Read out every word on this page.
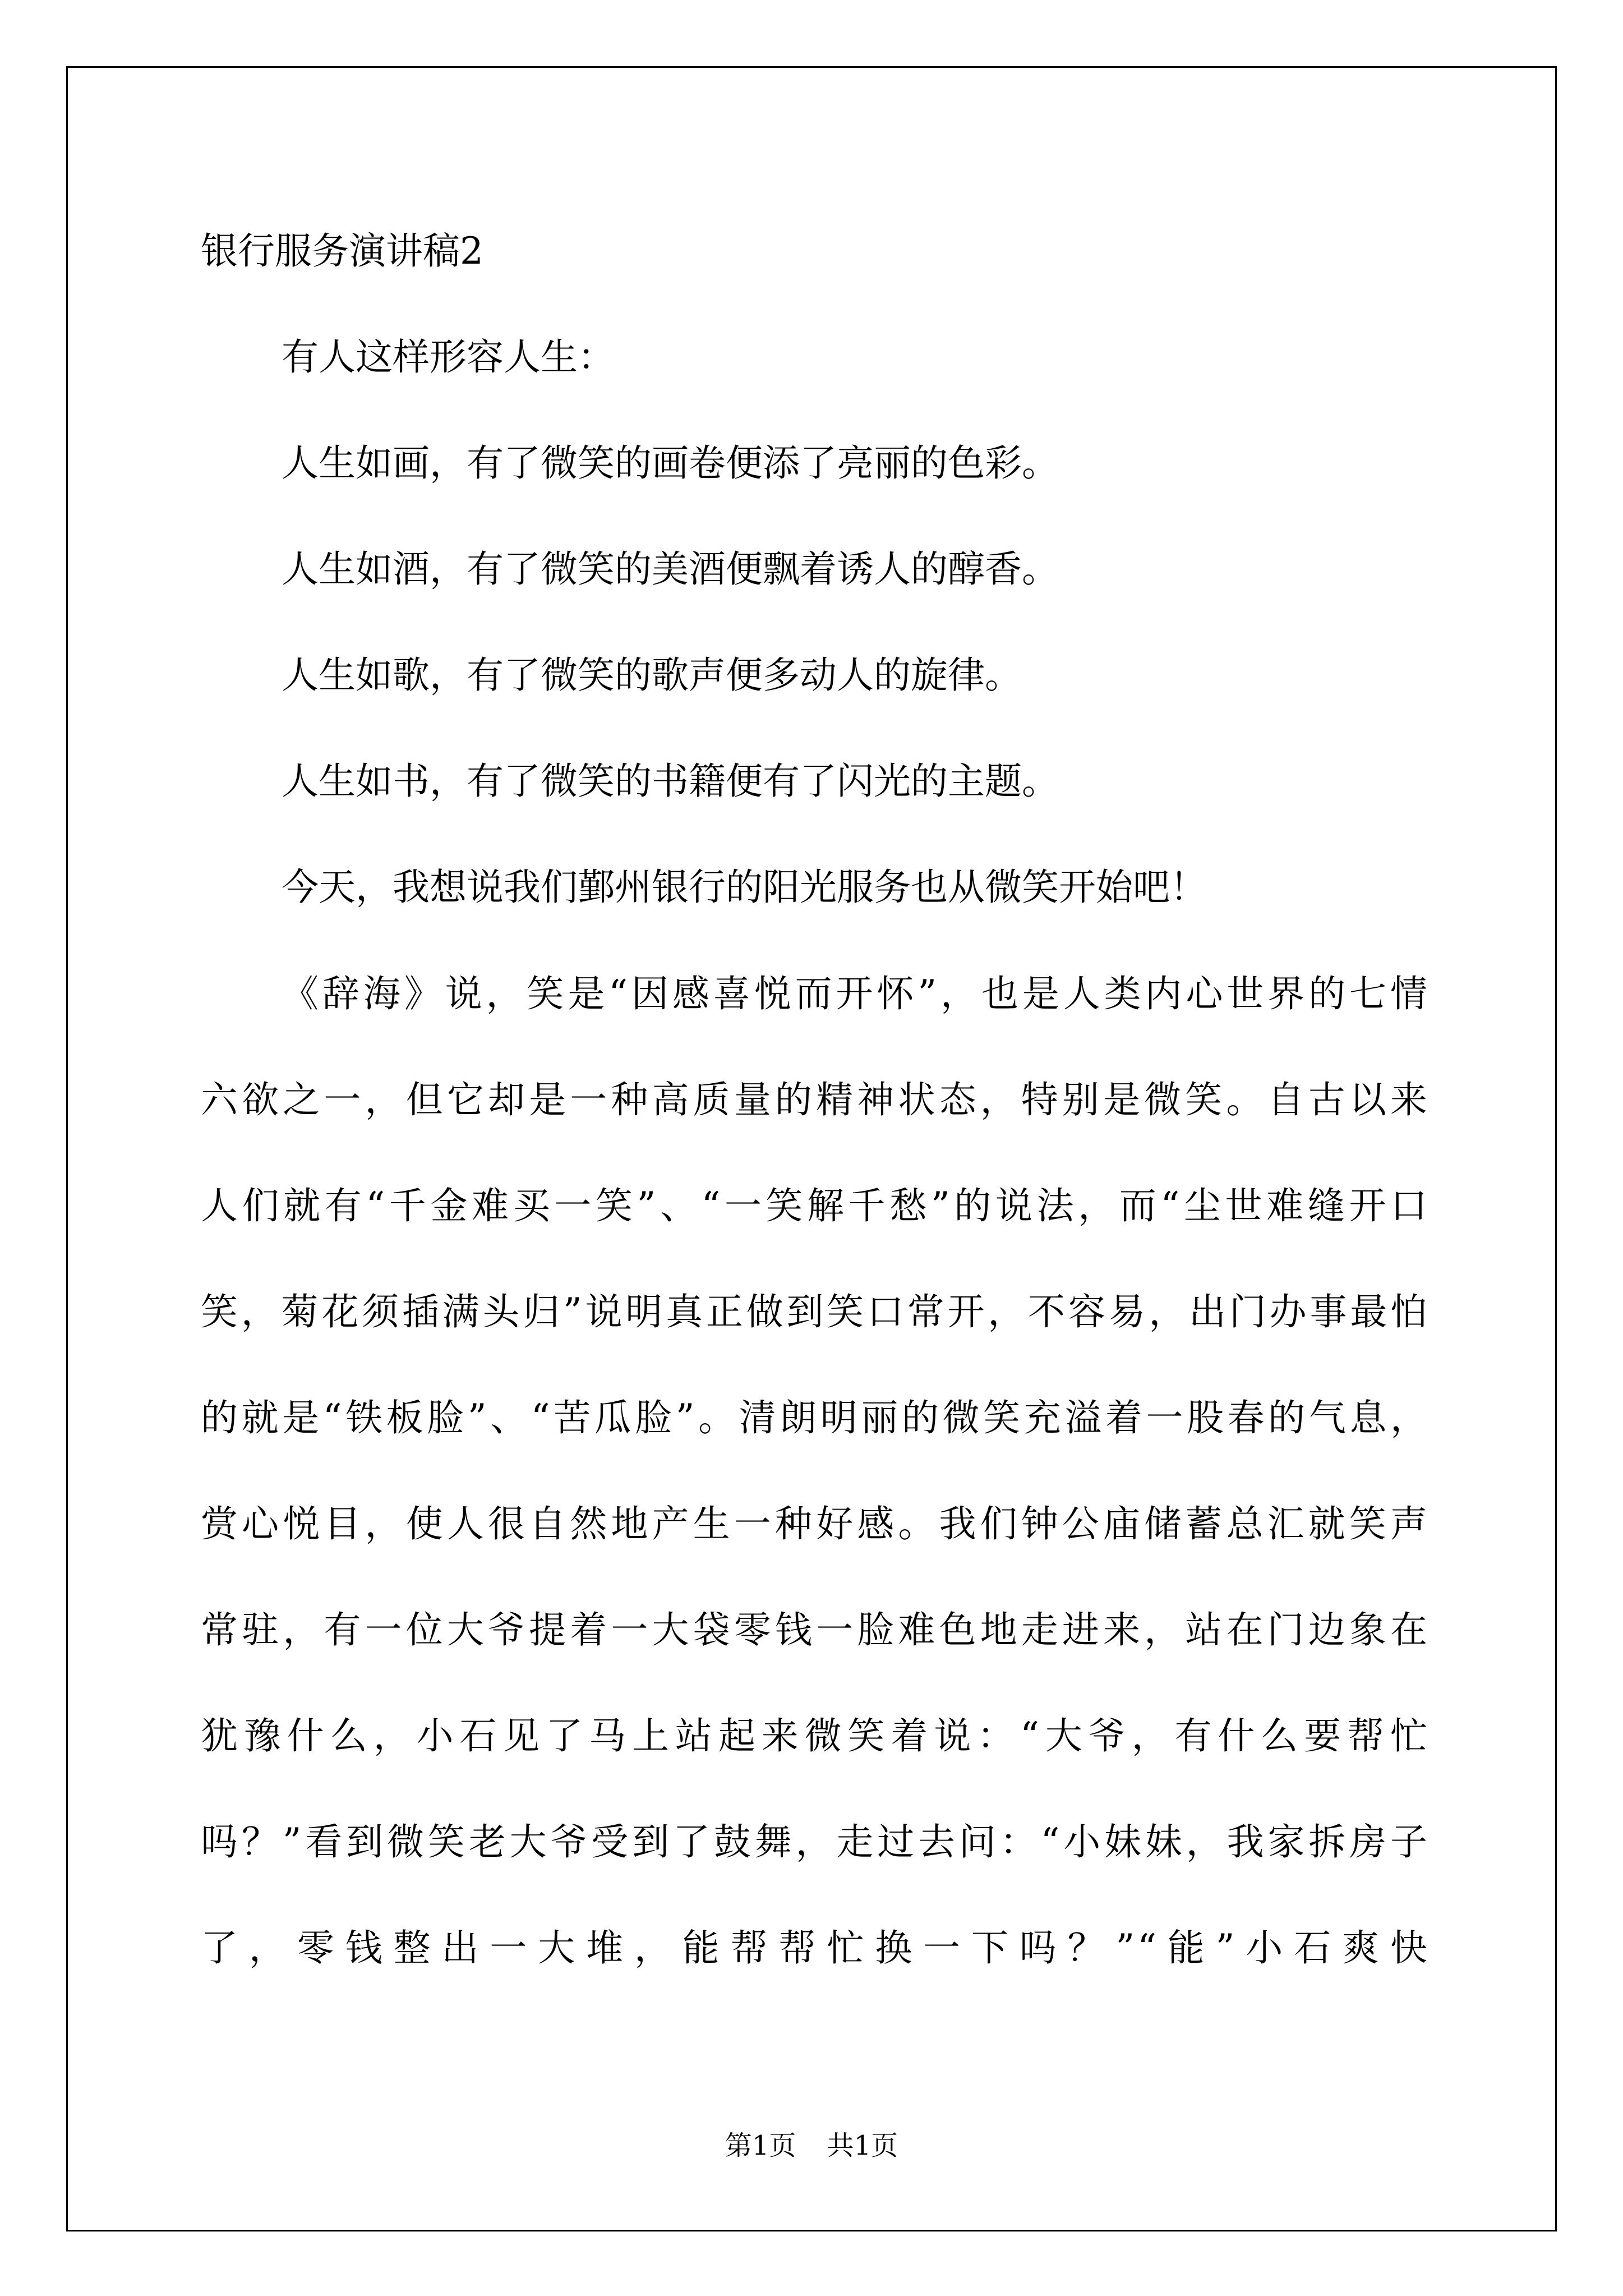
银行服务演讲稿2
有人这样形容人生：
人生如画，有了微笑的画卷便添了亮丽的色彩。
人生如酒，有了微笑的美酒便飘着诱人的醇香。
人生如歌，有了微笑的歌声便多动人的旋律。
人生如书，有了微笑的书籍便有了闪光的主题。
今天，我想说我们鄞州银行的阳光服务也从微笑开始吧！
《辞海》说，笑是“因感喜悦而开怀”，也是人类内心世界的七情六欲之一，但它却是一种高质量的精神状态，特别是微笑。自古以来人们就有“千金难买一笑”、“一笑解千愁”的说法，而“尘世难缝开口笑，菊花须插满头归”说明真正做到笑口常开，不容易，出门办事最怕的就是“铁板脸”、“苦瓜脸”。清朗明丽的微笑充溢着一股春的气息，赏心悦目，使人很自然地产生一种好感。我们钟公庙储蓄总汇就笑声常驻，有一位大爷提着一大袋零钱一脸难色地走进来，站在门边象在犹豫什么，小石见了马上站起来微笑着说：“大爷，有什么要帮忙吗？”看到微笑老大爷受到了鼓舞，走过去问：“小妹妹，我家拆房子了，零钱整出一大堆，能帮帮忙换一下吗？”“能”小石爽快
第1页 共1页
